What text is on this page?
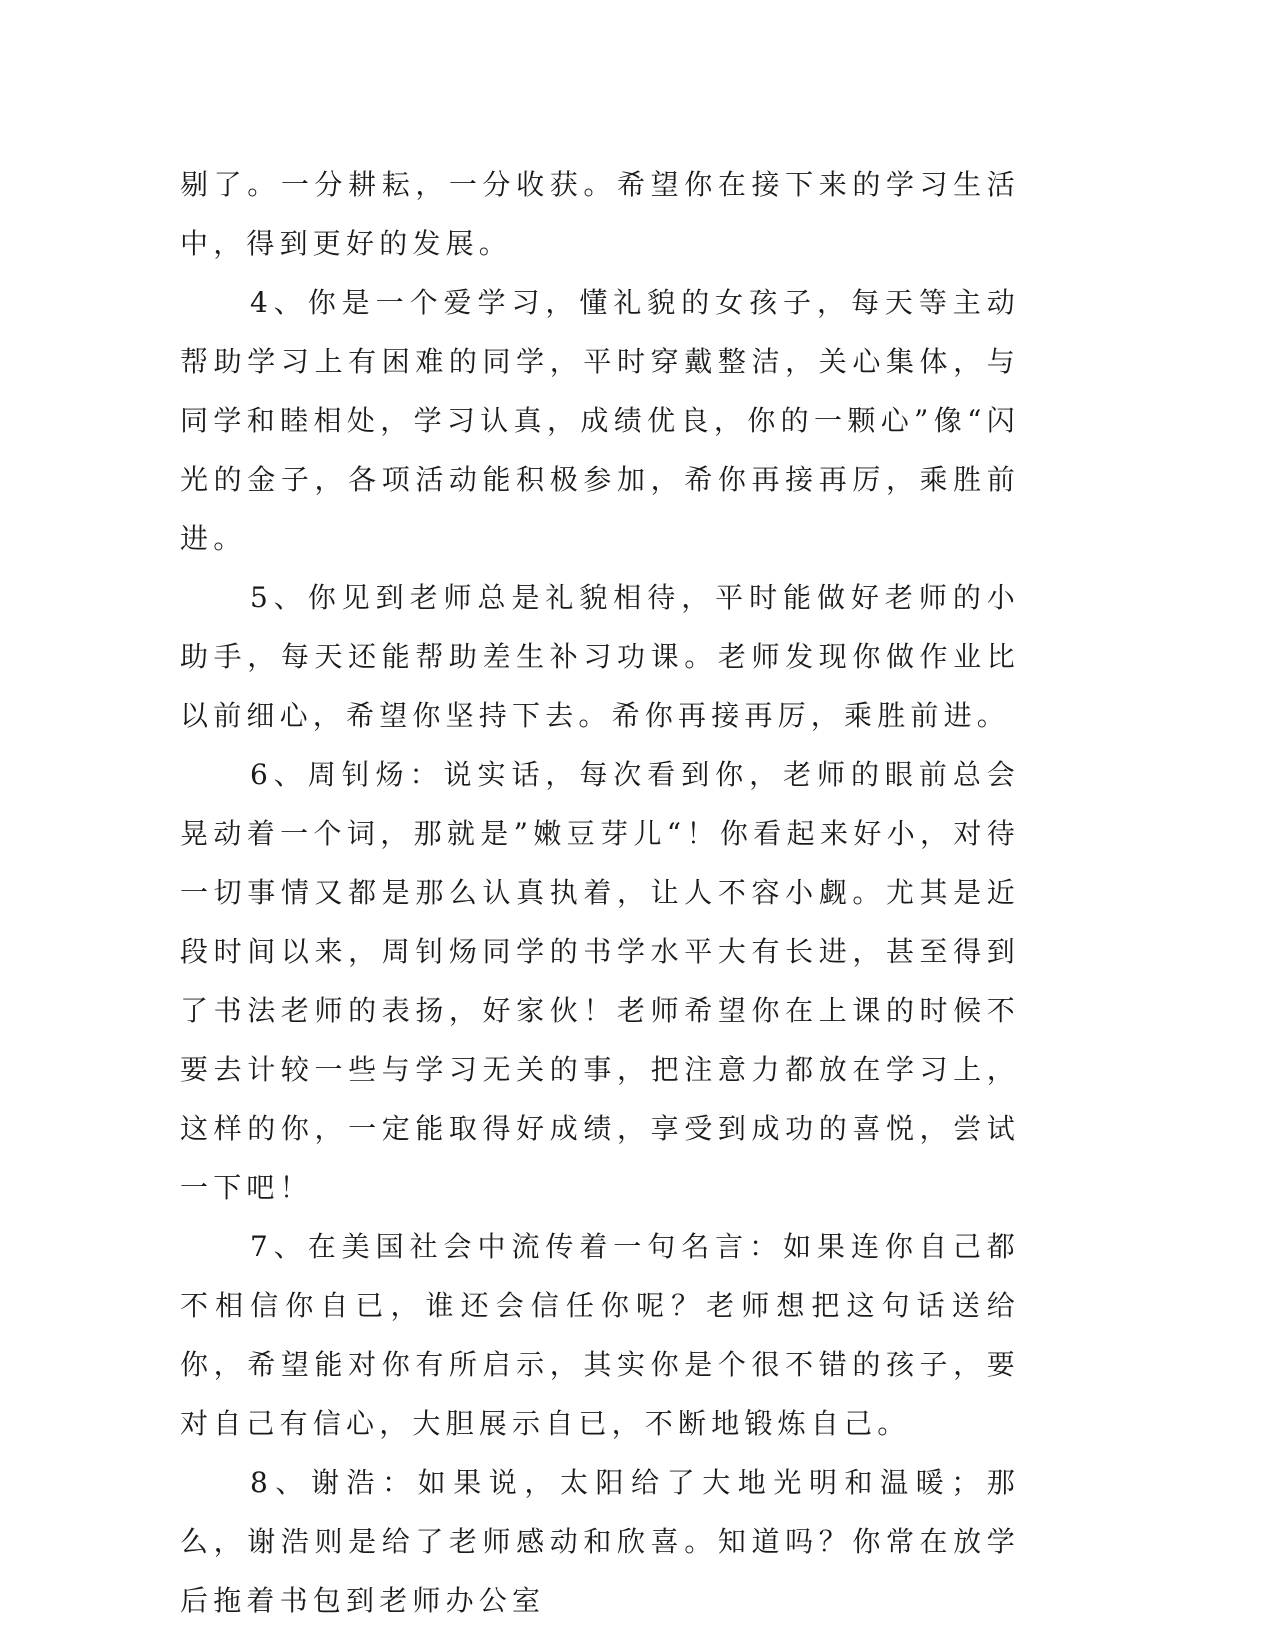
剔了。一分耕耘，一分收获。希望你在接下来的学习生活中，得到更好的发展。

4、你是一个爱学习，懂礼貌的女孩子，每天等主动帮助学习上有困难的同学，平时穿戴整洁，关心集体，与同学和睦相处，学习认真，成绩优良，你的一颗心”像“闪光的金子，各项活动能积极参加，希你再接再厉，乘胜前进。

5、你见到老师总是礼貌相待，平时能做好老师的小助手，每天还能帮助差生补习功课。老师发现你做作业比以前细心，希望你坚持下去。希你再接再厉，乘胜前进。

6、周钊炀：说实话，每次看到你，老师的眼前总会晃动着一个词，那就是”嫩豆芽儿“！你看起来好小，对待一切事情又都是那么认真执着，让人不容小觑。尤其是近段时间以来，周钊炀同学的书学水平大有长进，甚至得到了书法老师的表扬，好家伙！老师希望你在上课的时候不要去计较一些与学习无关的事，把注意力都放在学习上，这样的你，一定能取得好成绩，享受到成功的喜悦，尝试一下吧！

7、在美国社会中流传着一句名言：如果连你自己都不相信你自已，谁还会信任你呢？老师想把这句话送给你，希望能对你有所启示，其实你是个很不错的孩子，要对自己有信心，大胆展示自已，不断地锻炼自己。

8、谢浩：如果说，太阳给了大地光明和温暖；那么，谢浩则是给了老师感动和欣喜。知道吗？你常在放学后拖着书包到老师办公室
